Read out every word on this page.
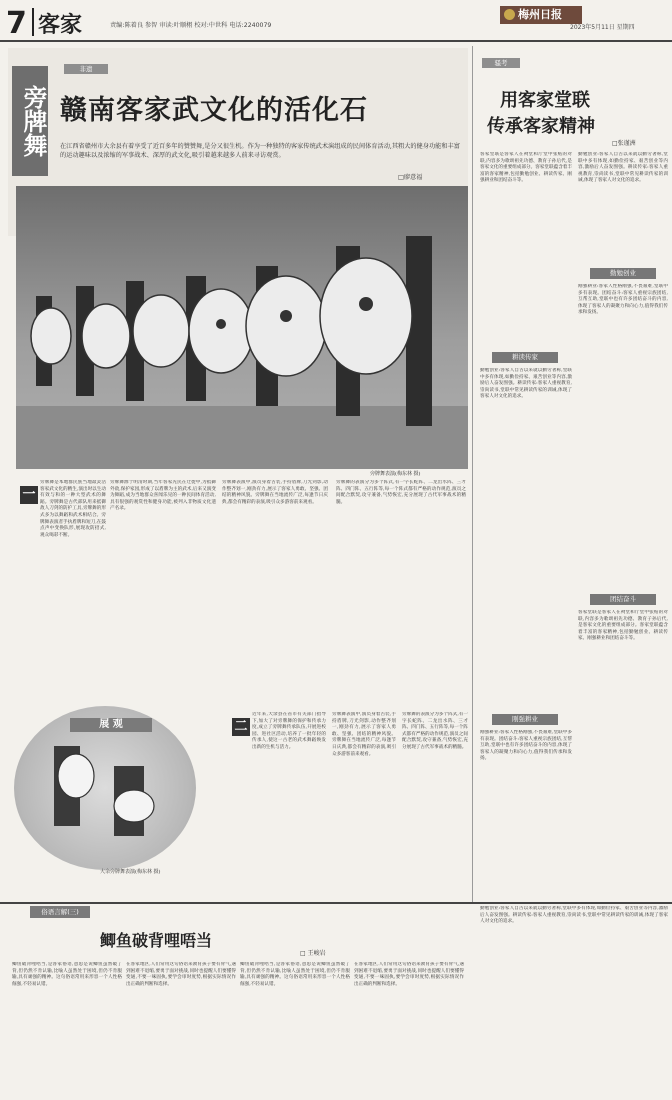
7 客家	责编:陈着良 参智 审读:叶顺栩 校对:中世科 电话:2240079
梅州日报
2023年5月11日 星期四
旁牌舞
非遗
赣南客家武文化的活化石
在江西省赣州市大余县有着享受了近百多年的赞赞舞,是分又很生机。作为一种独特的客家传统武术演组成的民间体育活动,其粗大的健身功能和丰富的运动趣味以及浓缩的军事战术、深厚的武文化,吸引着越来越多人前来寻访观赏。
□廖意福
旁牌舞表演(梅东林 摄)
一
旁牌舞是本地群民族当地最灵活客家武文化的精生,演出时以生动有效与和的一种大型武术的舞蹈。旁牌舞是古代部队用来抵御敌人刀剑的防护工具,旁牌舞的形式多为以舞蹈和武术相结合。旁牌舞表演者手执盾牌和短刀,在鼓点声中变换队形,展现攻防招式,观众喝彩不断。
旁牌舞源于明清时期,当年客家先民在迁徙中,为抵御外敌,保护家园,形成了以盾牌为主的武术,后来又演变为舞蹈,成为当地群众喜闻乐见的一种民间体育活动,具有很强的观赏性和健身功能,被列入非物质文化遗产名录。
旁牌舞表演中,演员身着古装,手持盾牌,刀光剑影,动作整齐划一,刚劲有力,展示了客家人勇敢、坚强、团结的精神风貌。旁牌舞在当地流传广泛,每逢节日庆典,都会有精彩的表演,吸引众多游客前来观看。
旁牌舞的表演分为多个阵式,有一字长蛇阵、二龙出水阵、三才阵、四门阵、五行阵等,每一个阵式都有严格的动作规范,演员之间配合默契,攻守兼备,气势恢宏,充分展现了古代军事战术的精髓。
展 观
大余旁牌舞表演(梅东林 摄)
二
近年来,大余县在省市有关部门指导下,加大了对旁牌舞的保护和传承力度,成立了旁牌舞传承队伍,开展进校园、进社区活动,培养了一批年轻的传承人,使这一古老的武术舞蹈焕发出新的生机与活力。
旁牌舞表演中,演员身着古装,手持盾牌,刀光剑影,动作整齐划一,刚劲有力,展示了客家人勇敢、坚强、团结的精神风貌。旁牌舞在当地流传广泛,每逢节日庆典,都会有精彩的表演,吸引众多游客前来观看。
旁牌舞的表演分为多个阵式,有一字长蛇阵、二龙出水阵、三才阵、四门阵、五行阵等,每一个阵式都有严格的动作规范,演员之间配合默契,攻守兼备,气势恢宏,充分展现了古代军事战术的精髓。
骚考
用客家堂联
传承客家精神
□张谨洲
客家堂联是客家人在祠堂和厅堂中张贴的对联,内容多为歌颂祖先功德、教育子孙后代,是客家文化的重要组成部分。客家堂联蕴含着丰富的客家精神,包括勤勉创业、耕读传家、刚强耕业和团结奋斗等。
勤勉创业:客家人自古以来就以勤劳著称,堂联中多有体现,如勤俭持家、艰苦创业等内容,激励后人奋发图强。耕读传家:客家人重视教育,崇尚读书,堂联中常见耕读传家的训诫,体现了客家人对文化的追求。
勤勉创业
刚强耕业:客家人性格刚强,不畏艰难,堂联中多有表现。团结奋斗:客家人重视宗族团结,互帮互助,堂联中也有许多团结奋斗的内容,体现了客家人的凝聚力和向心力,值得我们传承和发扬。
耕读传家
勤勉创业:客家人自古以来就以勤劳著称,堂联中多有体现,如勤俭持家、艰苦创业等内容,激励后人奋发图强。耕读传家:客家人重视教育,崇尚读书,堂联中常见耕读传家的训诫,体现了客家人对文化的追求。
刚强耕业
刚强耕业:客家人性格刚强,不畏艰难,堂联中多有表现。团结奋斗:客家人重视宗族团结,互帮互助,堂联中也有许多团结奋斗的内容,体现了客家人的凝聚力和向心力,值得我们传承和发扬。
团结奋斗
客家堂联是客家人在祠堂和厅堂中张贴的对联,内容多为歌颂祖先功德、教育子孙后代,是客家文化的重要组成部分。客家堂联蕴含着丰富的客家精神,包括勤勉创业、耕读传家、刚强耕业和团结奋斗等。
俗语言解(三)
鲫鱼破背哩唔当
□ 王峻岩
鲫鱼破背哩唔当,是客家俗语,意思是说鲫鱼虽然破了背,但仍然不肯认输,比喻人虽然处于困境,但仍不肯服输,具有顽强的精神。这句俗语常用来形容一个人性格倔强,不轻易认错。
在客家地区,人们常用这句俗语来教育孩子要有骨气,遇到困难不退缩,要勇于面对挑战,同时也提醒人们要懂得变通,不要一味固执,要学会审时度势,根据实际情况作出正确的判断和选择。
鲫鱼破背哩唔当,是客家俗语,意思是说鲫鱼虽然破了背,但仍然不肯认输,比喻人虽然处于困境,但仍不肯服输,具有顽强的精神。这句俗语常用来形容一个人性格倔强,不轻易认错。
在客家地区,人们常用这句俗语来教育孩子要有骨气,遇到困难不退缩,要勇于面对挑战,同时也提醒人们要懂得变通,不要一味固执,要学会审时度势,根据实际情况作出正确的判断和选择。
勤勉创业:客家人自古以来就以勤劳著称,堂联中多有体现,如勤俭持家、艰苦创业等内容,激励后人奋发图强。耕读传家:客家人重视教育,崇尚读书,堂联中常见耕读传家的训诫,体现了客家人对文化的追求。
